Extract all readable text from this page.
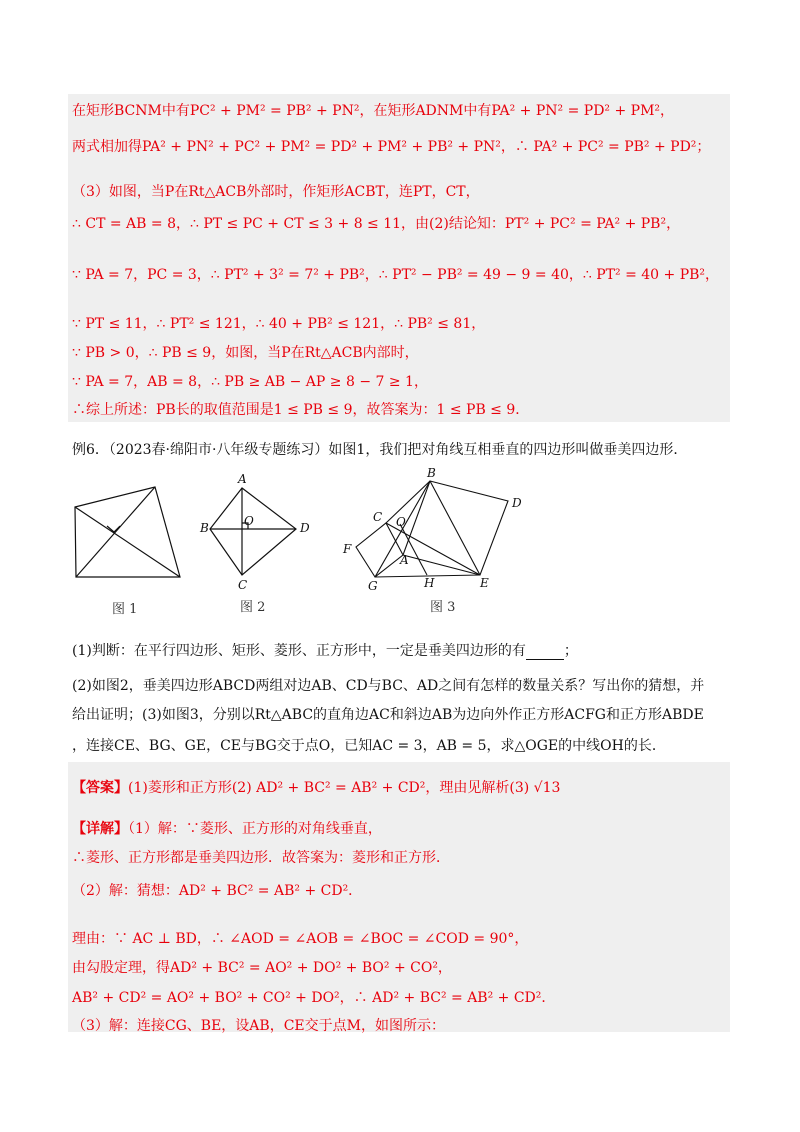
在矩形BCNM中有PC² + PM² = PB² + PN²，在矩形ADNM中有PA² + PN² = PD² + PM²，
两式相加得PA² + PN² + PC² + PM² = PD² + PM² + PB² + PN²，∴ PA² + PC² = PB² + PD²；
（3）如图，当P在Rt△ACB外部时，作矩形ACBT，连PT，CT，
∴ CT = AB = 8，∴ PT ≤ PC + CT ≤ 3 + 8 ≤ 11，由(2)结论知：PT² + PC² = PA² + PB²，
∵ PA = 7，PC = 3，∴ PT² + 3² = 7² + PB²，∴ PT² − PB² = 49 − 9 = 40，∴ PT² = 40 + PB²，
∵ PT ≤ 11，∴ PT² ≤ 121，∴ 40 + PB² ≤ 121，∴ PB² ≤ 81，
∵ PB > 0，∴ PB ≤ 9，如图，当P在Rt△ACB内部时，
∵ PA = 7，AB = 8，∴ PB ≥ AB − AP ≥ 8 − 7 ≥ 1，
∴综上所述：PB长的取值范围是1 ≤ PB ≤ 9，故答案为：1 ≤ PB ≤ 9．
例6．（2023春·绵阳市·八年级专题练习）如图1，我们把对角线互相垂直的四边形叫做垂美四边形．
图 1
A
B
C
D
O
图 2
B
C O
D
F
A
G	H	E
图 3
(1)判断：在平行四边形、矩形、菱形、正方形中，一定是垂美四边形的有	；
(2)如图2，垂美四边形ABCD两组对边AB、CD与BC、AD之间有怎样的数量关系？写出你的猜想，并
给出证明；(3)如图3，分别以Rt△ABC的直角边AC和斜边AB为边向外作正方形ACFG和正方形ABDE
，连接CE、BG、GE，CE与BG交于点O，已知AC = 3，AB = 5，求△OGE的中线OH的长．
【答案】(1)菱形和正方形(2) AD² + BC² = AB² + CD²，理由见解析(3) √13
【详解】（1）解：∵菱形、正方形的对角线垂直，
∴菱形、正方形都是垂美四边形．故答案为：菱形和正方形．
（2）解：猜想：AD² + BC² = AB² + CD²．
理由：∵ AC ⊥ BD，∴ ∠AOD = ∠AOB = ∠BOC = ∠COD = 90°，
由勾股定理，得AD² + BC² = AO² + DO² + BO² + CO²，
AB² + CD² = AO² + BO² + CO² + DO²，∴ AD² + BC² = AB² + CD²．
（3）解：连接CG、BE，设AB，CE交于点M，如图所示：
